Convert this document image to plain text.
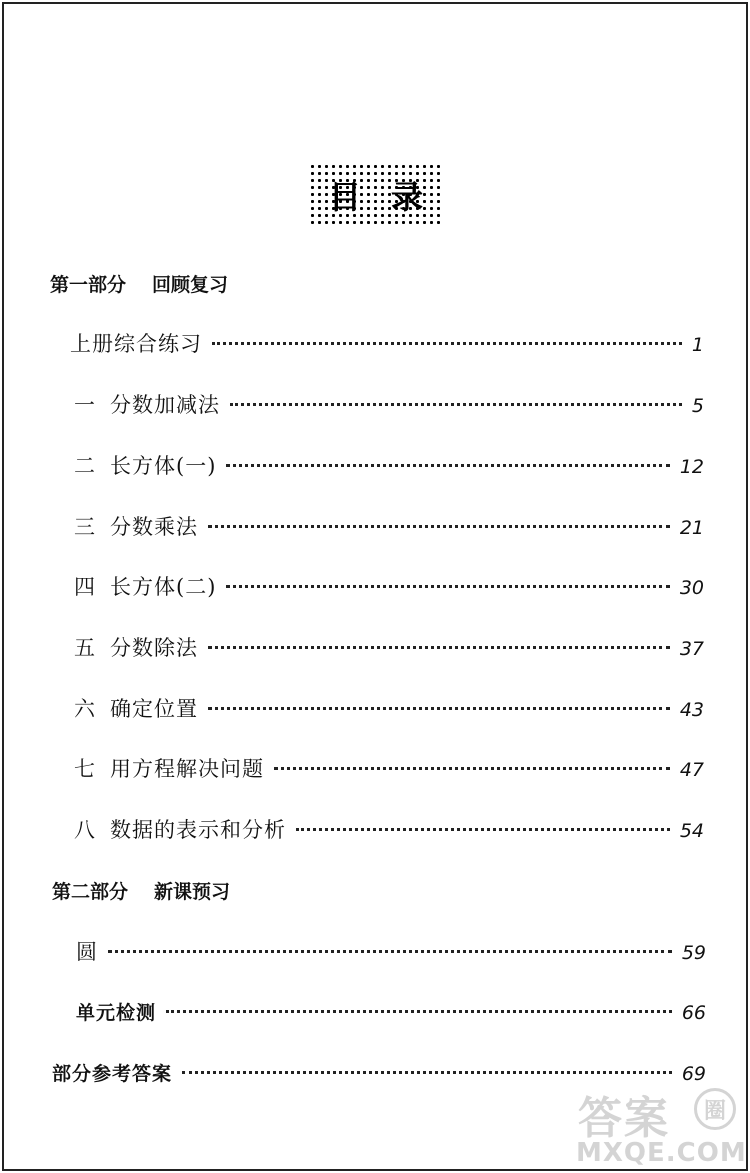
目 录
第一部分 回顾复习
上册综合练习	1
一 分数加减法	5
二 长方体(一)	12
三 分数乘法	21
四 长方体(二)	30
五 分数除法	37
六 确定位置	43
七 用方程解决问题	47
八 数据的表示和分析	54
第二部分 新课预习
圆	59
单元检测	66
部分参考答案	69
答案	圈
MXQE.COM
